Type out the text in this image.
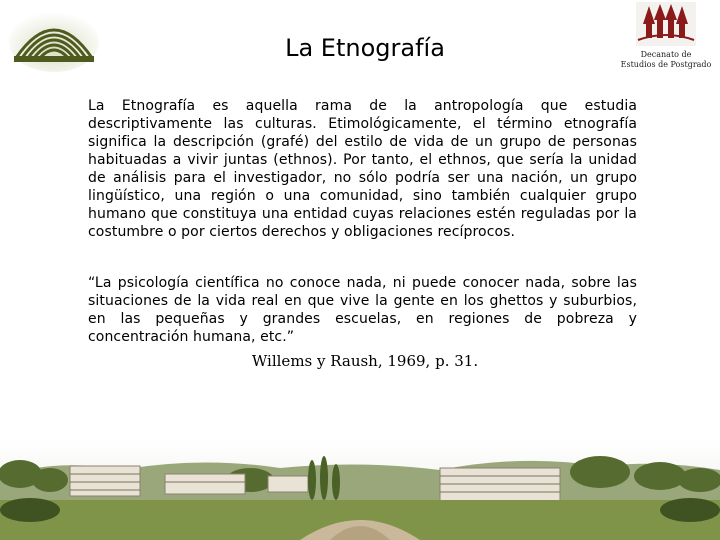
Decanato de
Estudios de Postgrado
La Etnografía
La Etnografía es aquella rama de la antropología que estudia descriptivamente las culturas. Etimológicamente, el término etnografía significa la descripción (grafé) del estilo de vida de un grupo de personas habituadas a vivir juntas (ethnos). Por tanto, el ethnos, que sería la unidad de análisis para el investigador, no sólo podría ser una nación, un grupo lingüístico, una región o una comunidad, sino también cualquier grupo humano que constituya una entidad cuyas relaciones estén reguladas por la costumbre o por ciertos derechos y obligaciones recíprocos.
“La psicología científica no conoce nada, ni puede conocer nada, sobre las situaciones de la vida real en que vive la gente en los ghettos y suburbios, en las pequeñas y grandes escuelas, en regiones de pobreza y concentración humana, etc.”
Willems y Raush, 1969, p. 31.
